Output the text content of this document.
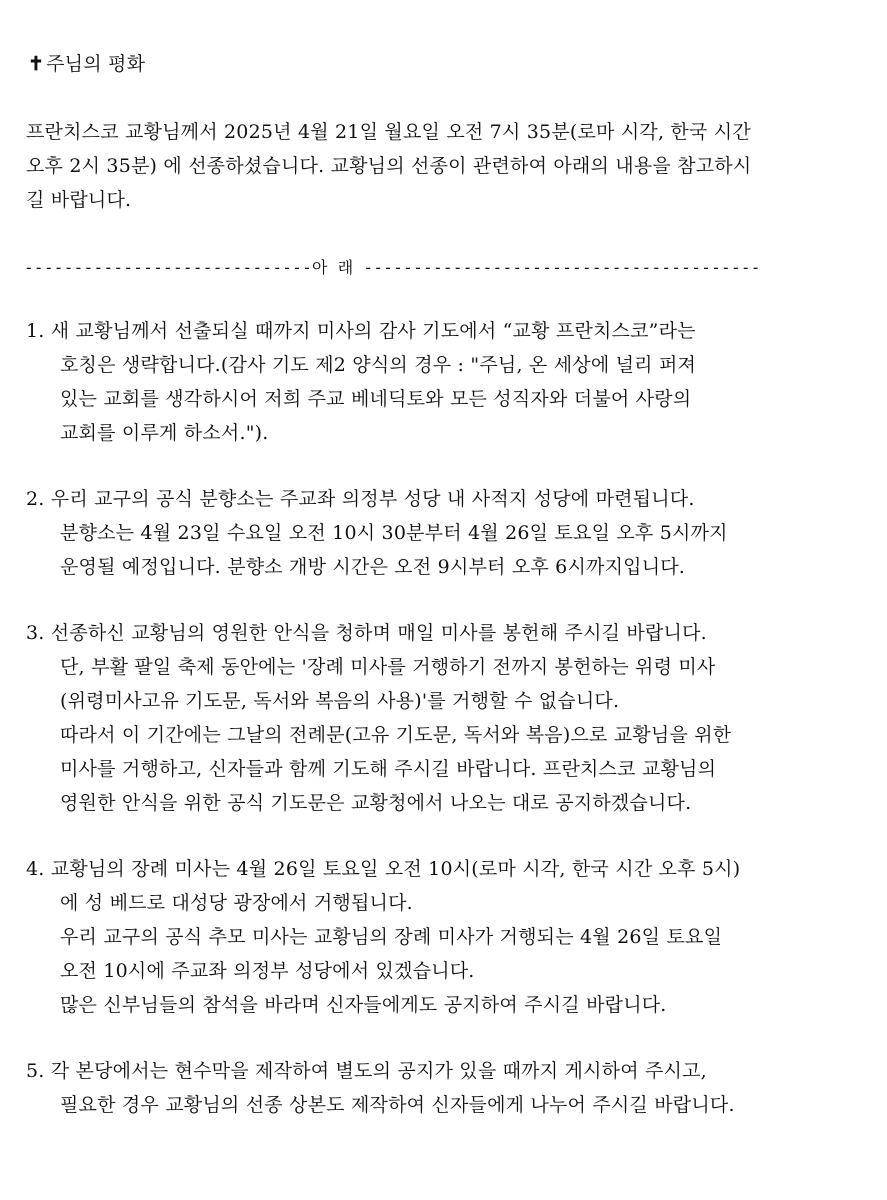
✝ 주님의 평화
프란치스코 교황님께서 2025년 4월 21일 월요일 오전 7시 35분(로마 시각, 한국 시간
오후 2시 35분) 에 선종하셨습니다. 교황님의 선종이 관련하여 아래의 내용을 참고하시
길 바랍니다.
-----------------------------아 래 ----------------------------------------
1. 새 교황님께서 선출되실 때까지 미사의 감사 기도에서 “교황 프란치스코”라는
호칭은 생략합니다.(감사 기도 제2 양식의 경우 : "주님, 온 세상에 널리 퍼져
있는 교회를 생각하시어 저희 주교 베네딕토와 모든 성직자와 더불어 사랑의
교회를 이루게 하소서.").
2. 우리 교구의 공식 분향소는 주교좌 의정부 성당 내 사적지 성당에 마련됩니다.
분향소는 4월 23일 수요일 오전 10시 30분부터 4월 26일 토요일 오후 5시까지
운영될 예정입니다. 분향소 개방 시간은 오전 9시부터 오후 6시까지입니다.
3. 선종하신 교황님의 영원한 안식을 청하며 매일 미사를 봉헌해 주시길 바랍니다.
단, 부활 팔일 축제 동안에는 '장례 미사를 거행하기 전까지 봉헌하는 위령 미사
(위령미사고유 기도문, 독서와 복음의 사용)'를 거행할 수 없습니다.
따라서 이 기간에는 그날의 전례문(고유 기도문, 독서와 복음)으로 교황님을 위한
미사를 거행하고, 신자들과 함께 기도해 주시길 바랍니다. 프란치스코 교황님의
영원한 안식을 위한 공식 기도문은 교황청에서 나오는 대로 공지하겠습니다.
4. 교황님의 장례 미사는 4월 26일 토요일 오전 10시(로마 시각, 한국 시간 오후 5시)
에 성 베드로 대성당 광장에서 거행됩니다.
우리 교구의 공식 추모 미사는 교황님의 장례 미사가 거행되는 4월 26일 토요일
오전 10시에 주교좌 의정부 성당에서 있겠습니다.
많은 신부님들의 참석을 바라며 신자들에게도 공지하여 주시길 바랍니다.
5. 각 본당에서는 현수막을 제작하여 별도의 공지가 있을 때까지 게시하여 주시고,
필요한 경우 교황님의 선종 상본도 제작하여 신자들에게 나누어 주시길 바랍니다.
